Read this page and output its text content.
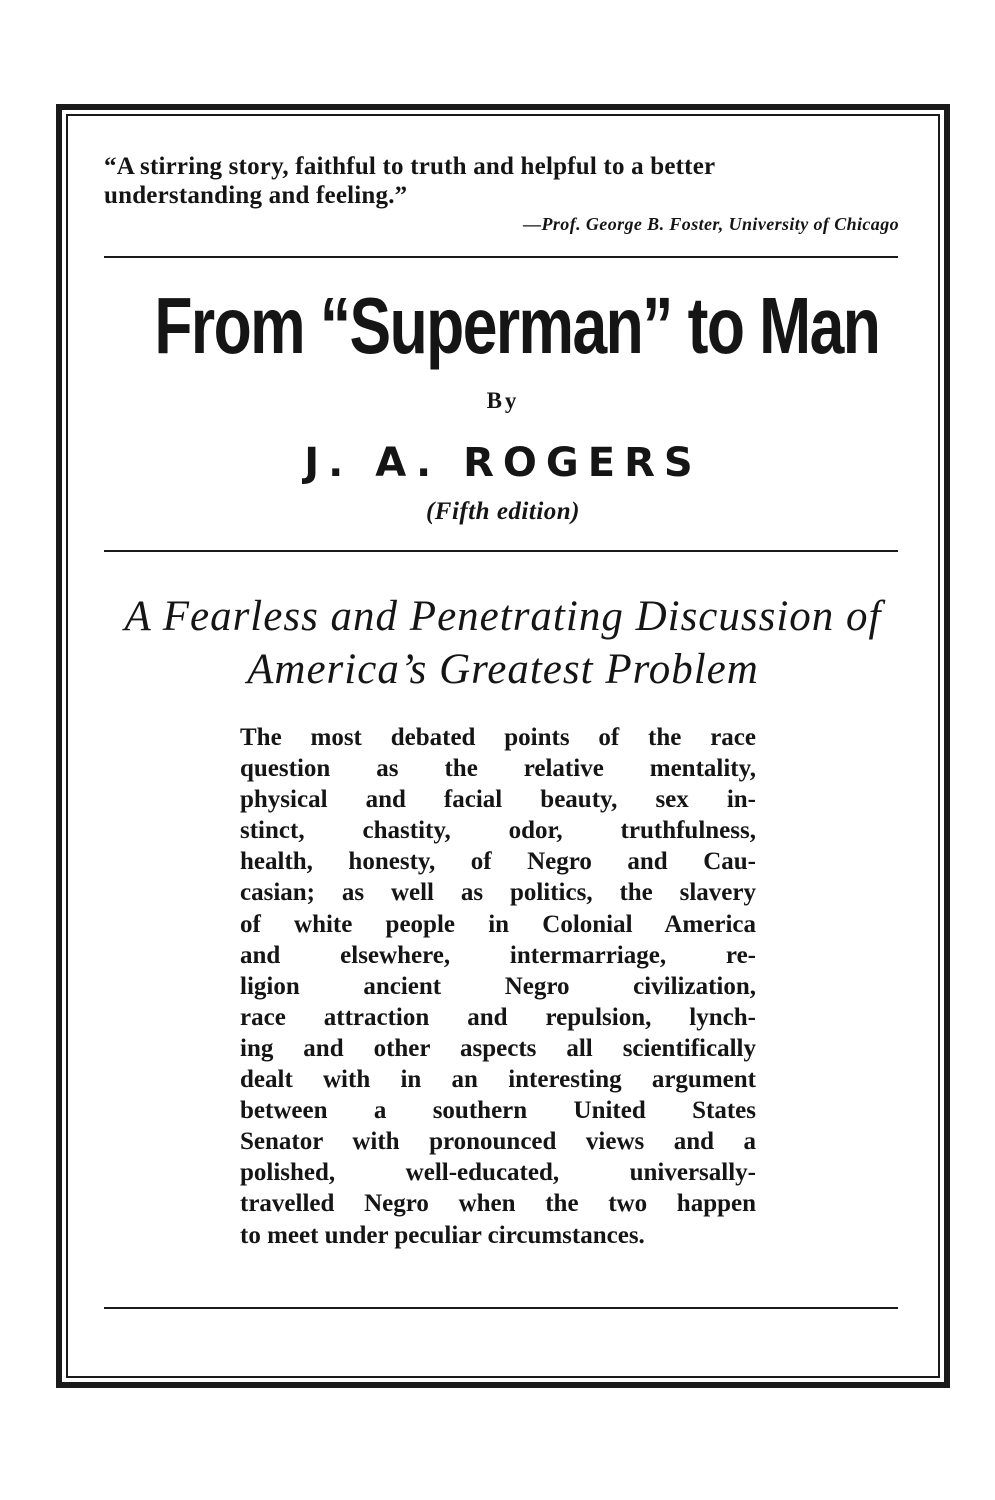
“A stirring story, faithful to truth and helpful to a better
understanding and feeling.”
—Prof. George B. Foster, University of Chicago
From “Superman” to Man
By
J. A. ROGERS
(Fifth edition)
A Fearless and Penetrating Discussion of
America’s Greatest Problem
The most debated points of the race
question as the relative mentality,
physical and facial beauty, sex in-
stinct, chastity, odor, truthfulness,
health, honesty, of Negro and Cau-
casian; as well as politics, the slavery
of white people in Colonial America
and elsewhere, intermarriage, re-
ligion ancient Negro civilization,
race attraction and repulsion, lynch-
ing and other aspects all scientifically
dealt with in an interesting argument
between a southern United States
Senator with pronounced views and a
polished, well-educated, universally-
travelled Negro when the two happen
to meet under peculiar circumstances.
